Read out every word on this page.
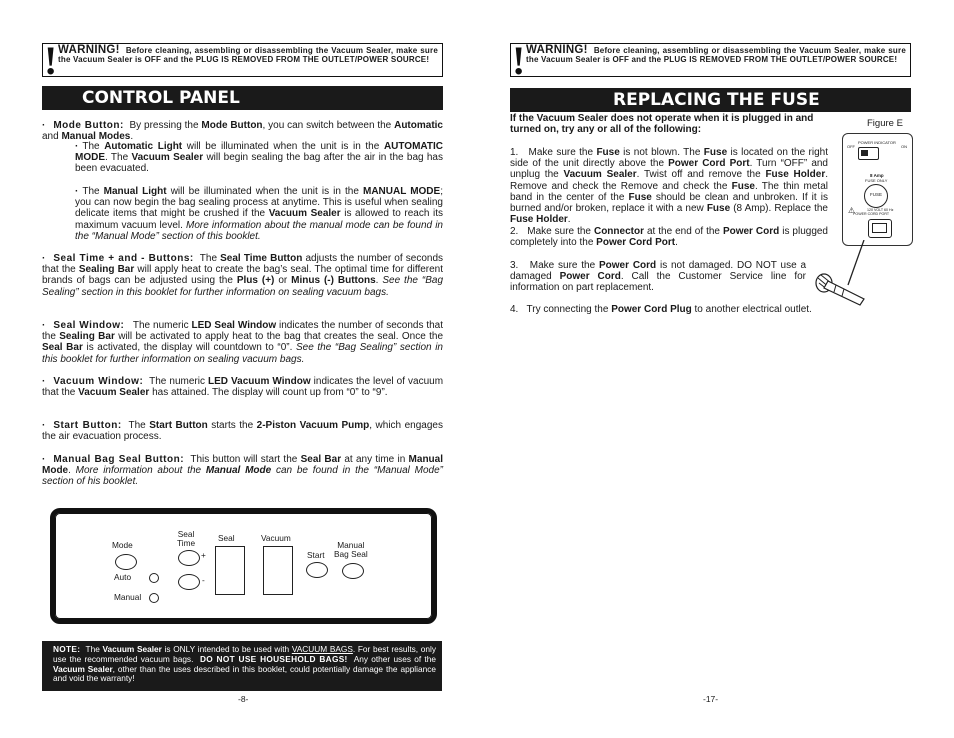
! WARNING! Before cleaning, assembling or disassembling the Vacuum Sealer, make sure the Vacuum Sealer is OFF and the PLUG IS REMOVED FROM THE OUTLET/POWER SOURCE!
CONTROL PANEL
· Mode Button: By pressing the Mode Button, you can switch between the Automatic and Manual Modes.
· The Automatic Light will be illuminated when the unit is in the AUTOMATIC MODE. The Vacuum Sealer will begin sealing the bag after the air in the bag has been evacuated.
· The Manual Light will be illuminated when the unit is in the MANUAL MODE; you can now begin the bag sealing process at anytime. This is useful when sealing delicate items that might be crushed if the Vacuum Sealer is allowed to reach its maximum vacuum level. More information about the manual mode can be found in the “Manual Mode” section of this booklet.
· Seal Time + and - Buttons: The Seal Time Button adjusts the number of seconds that the Sealing Bar will apply heat to create the bag’s seal. The optimal time for different brands of bags can be adjusted using the Plus (+) or Minus (-) Buttons. See the “Bag Sealing” section in this booklet for further information on sealing vacuum bags.
· Seal Window: The numeric LED Seal Window indicates the number of seconds that the Sealing Bar will be activated to apply heat to the bag that creates the seal. Once the Seal Bar is activated, the display will countdown to “0”. See the “Bag Sealing” section in this booklet for further information on sealing vacuum bags.
· Vacuum Window: The numeric LED Vacuum Window indicates the level of vacuum that the Vacuum Sealer has attained. The display will count up from “0” to “9”.
· Start Button: The Start Button starts the 2-Piston Vacuum Pump, which engages the air evacuation process.
· Manual Bag Seal Button: This button will start the Seal Bar at any time in Manual Mode. More information about the Manual Mode can be found in the “Manual Mode” section of his booklet.
Mode
Seal
Time
+
-
Seal	Vacuum
Start
Manual
Bag Seal
Auto
Manual
NOTE: The Vacuum Sealer is ONLY intended to be used with VACUUM BAGS. For best results, only use the recommended vacuum bags. DO NOT USE HOUSEHOLD BAGS! Any other uses of the Vacuum Sealer, other than the uses described in this booklet, could potentially damage the appliance and void the warranty!
-8-
! WARNING! Before cleaning, assembling or disassembling the Vacuum Sealer, make sure the Vacuum Sealer is OFF and the PLUG IS REMOVED FROM THE OUTLET/POWER SOURCE!
REPLACING THE FUSE
If the Vacuum Sealer does not operate when it is plugged in and turned on, try any or all of the following:
Figure E
POWER INDICATOR
OFF	ON
8 Amp
FUSE ONLY
FUSE
⚠	120 VOLT 60 Hz
POWER CORD PORT
1.   Make sure the Fuse is not blown. The Fuse is located on the right side of the unit directly above the Power Cord Port. Turn “OFF” and unplug the Vacuum Sealer. Twist off and remove the Fuse Holder. Remove and check the Remove and check the Fuse. The thin metal band in the center of the Fuse should be clean and unbroken. If it is burned and/or broken, replace it with a new Fuse (8 Amp). Replace the Fuse Holder.
2. Make sure the Connector at the end of the Power Cord is plugged completely into the Power Cord Port.
3. Make sure the Power Cord is not damaged. DO NOT use a damaged Power Cord. Call the Customer Service line for information on part replacement.
4. Try connecting the Power Cord Plug to another electrical outlet.
-17-
